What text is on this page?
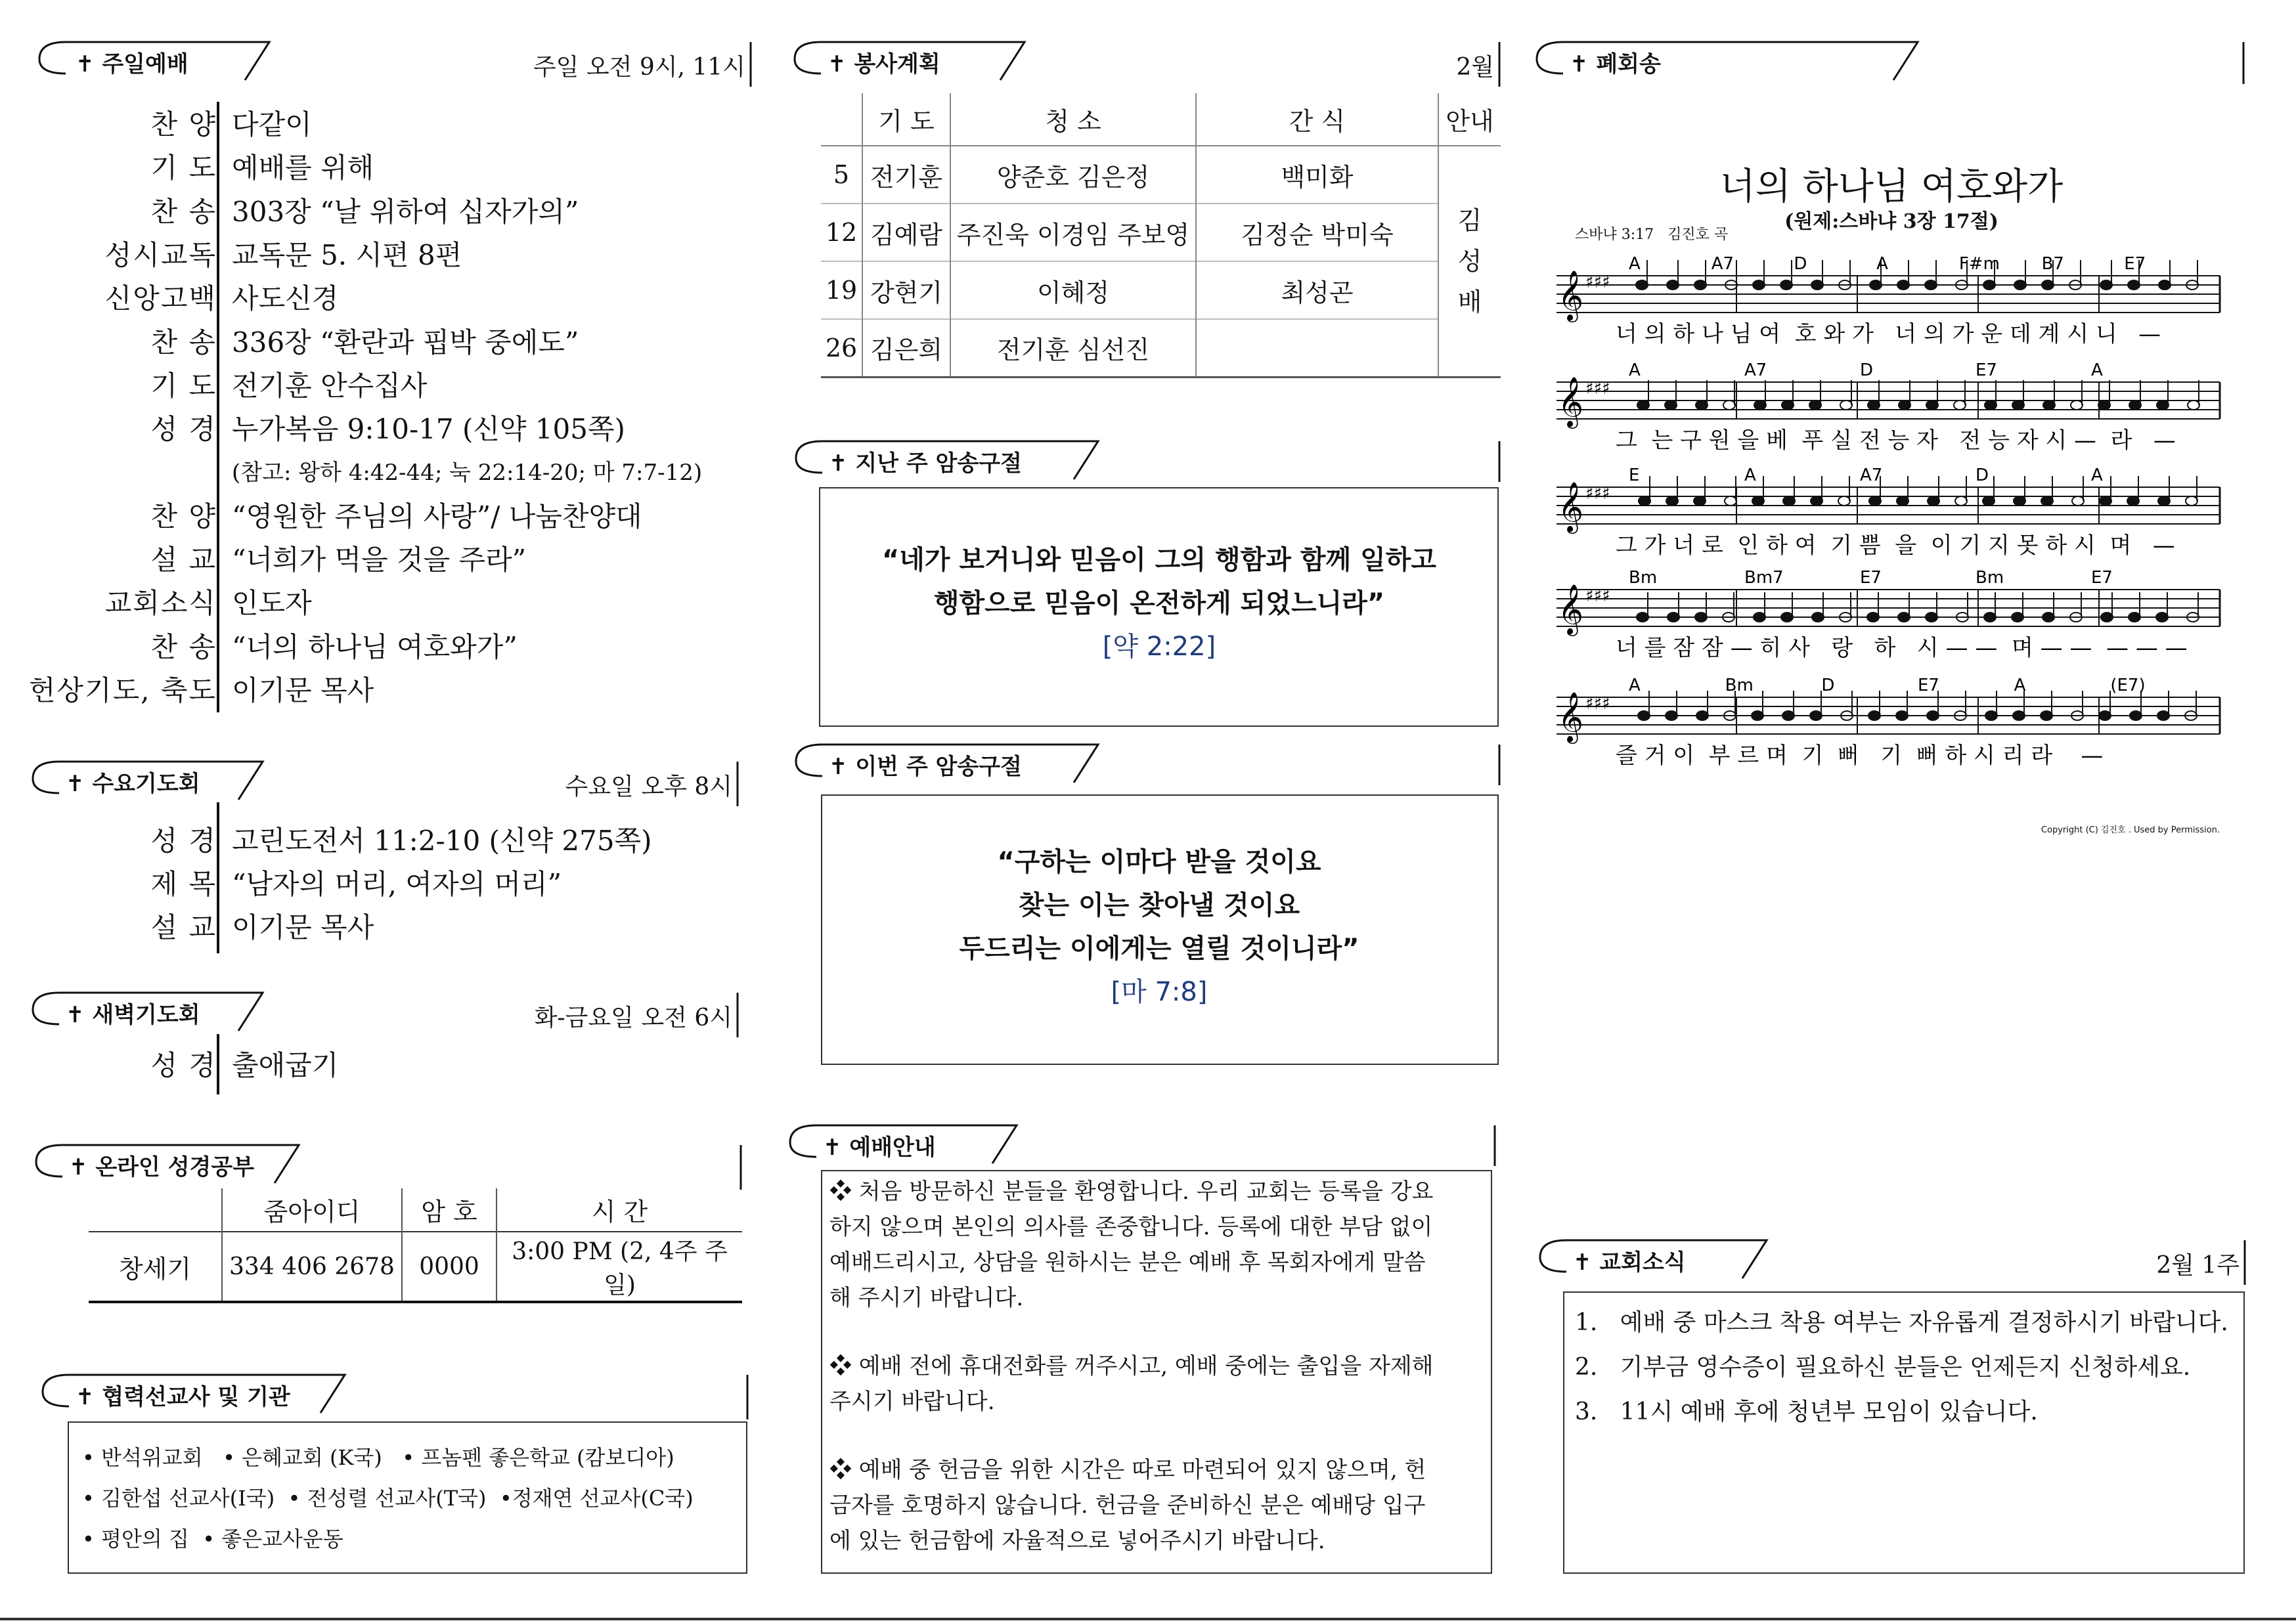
✝ 주일예배	주일 오전 9시, 11시
찬 양 다같이
기 도 예배를 위해
찬 송 303장 “날 위하여 십자가의”
성시교독 교독문 5. 시편 8편
신앙고백 사도신경
찬 송 336장 “환란과 핍박 중에도”
기 도 전기훈 안수집사
성 경 누가복음 9:10-17 (신약 105쪽)
(참고: 왕하 4:42-44; 눅 22:14-20; 마 7:7-12)
찬 양 “영원한 주님의 사랑”/ 나눔찬양대
설 교 “너희가 먹을 것을 주라”
교회소식 인도자
찬 송 “너의 하나님 여호와가”
헌상기도, 축도 이기문 목사
✝ 수요기도회	수요일 오후 8시
성 경 고린도전서 11:2-10 (신약 275쪽)
제 목 “남자의 머리, 여자의 머리”
설 교 이기문 목사
✝ 새벽기도회	화-금요일 오전 6시
성 경 출애굽기
✝ 온라인 성경공부
	줌아이디	암 호	시 간
창세기	334 406 2678	0000	3:00 PM (2, 4주 주일)
✝ 협력선교사 및 기관
• 반석위교회   • 은혜교회 (K국)   • 프놈펜 좋은학교 (캄보디아)
• 김한섭 선교사(I국)  • 전성렬 선교사(T국)  •정재연 선교사(C국)
• 평안의 집  • 좋은교사운동
✝ 봉사계획	2월
	기 도	청 소	간 식	안내
5	전기훈	양준호 김은정	백미화	김
성
배

12	김예람	주진욱 이경임 주보영	김정순 박미숙	
19	강현기	이혜정	최성곤	
26	김은희	전기훈 심선진		
✝ 지난 주 암송구절
“네가 보거니와 믿음이 그의 행함과 함께 일하고
행함으로 믿음이 온전하게 되었느니라”
[약 2:22]
✝ 이번 주 암송구절
“구하는 이마다 받을 것이요
찾는 이는 찾아낼 것이요
두드리는 이에게는 열릴 것이니라”
[마 7:8]
✝ 예배안내
❖ 처음 방문하신 분들을 환영합니다. 우리 교회는 등록을 강요
하지 않으며 본인의 의사를 존중합니다. 등록에 대한 부담 없이
예배드리시고, 상담을 원하시는 분은 예배 후 목회자에게 말씀
해 주시기 바랍니다.
❖ 예배 전에 휴대전화를 꺼주시고, 예배 중에는 출입을 자제해
주시기 바랍니다.
❖ 예배 중 헌금을 위한 시간은 따로 마련되어 있지 않으며, 헌
금자를 호명하지 않습니다. 헌금을 준비하신 분은 예배당 입구
에 있는 헌금함에 자율적으로 넣어주시기 바랍니다.
✝ 폐회송
너의 하나님 여호와가
(원제:스바냐 3장 17절)
스바냐 3:17   김진호 곡
𝄞 ♯♯♯
A	A7	D	A	F#m B7	E7
너 의 하 나 님 여  호 와 가   너 의 가 운 데 계 시 니   —
𝄞 ♯♯♯
A	A7	D	E7	A
그  는 구 원 을 베  푸 실 전 능 자   전 능 자 시 —  라   —
𝄞 ♯♯♯
E	A	A7	D	A
그 가 너 로  인 하 여  기 쁨  을  이 기 지 못 하 시  며   —
𝄞 ♯♯♯
Bm	Bm7	E7	Bm	E7
너 를 잠 잠 — 히 사   랑   하   시 — —  며 — —  — — —
𝄞 ♯♯♯
A	Bm	D	E7	A	(E7)
즐 거 이  부 르 며  기  뻐   기  뻐 하 시 리 라    —
Copyright (C) 김진호 . Used by Permission.
✝ 교회소식	2월 1주
1.   예배 중 마스크 착용 여부는 자유롭게 결정하시기 바랍니다.
2.   기부금 영수증이 필요하신 분들은 언제든지 신청하세요.
3.   11시 예배 후에 청년부 모임이 있습니다.
